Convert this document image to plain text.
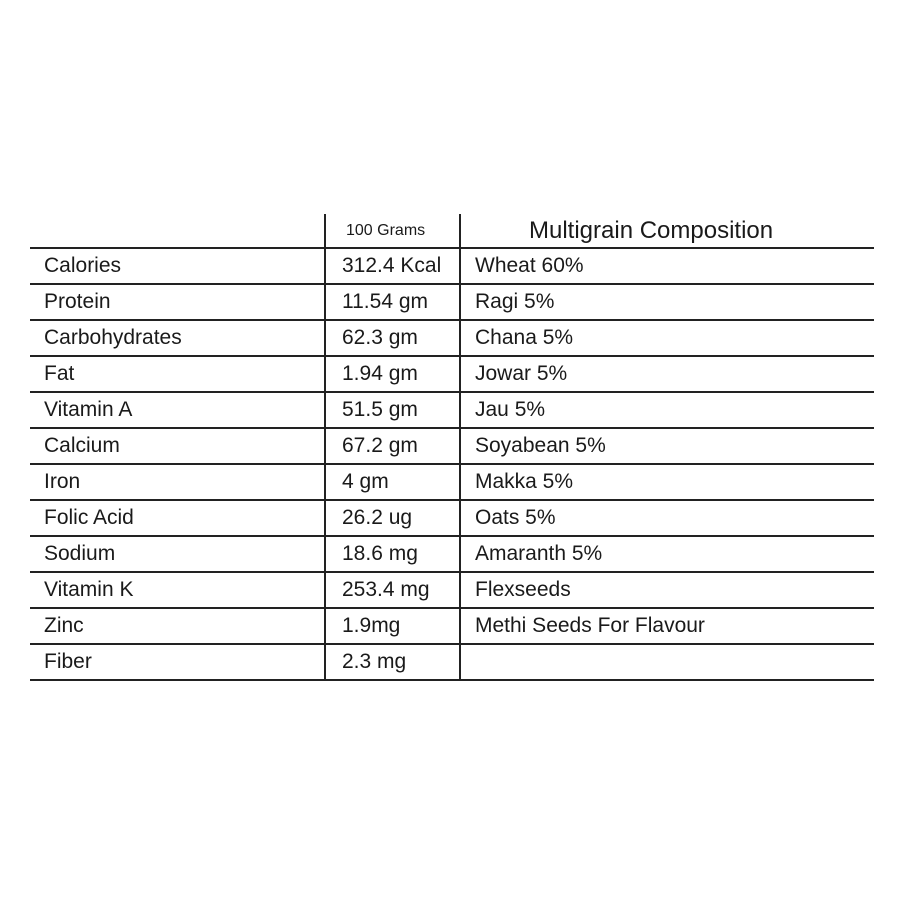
	100 Grams	Multigrain Composition
Calories	312.4 Kcal	Wheat 60%
Protein	11.54 gm	Ragi 5%
Carbohydrates	62.3 gm	Chana 5%
Fat	1.94 gm	Jowar 5%
Vitamin A	51.5 gm	Jau 5%
Calcium	67.2 gm	Soyabean 5%
Iron	4 gm	Makka 5%
Folic Acid	26.2 ug	Oats 5%
Sodium	18.6 mg	Amaranth 5%
Vitamin K	253.4 mg	Flexseeds
Zinc	1.9mg	Methi Seeds For Flavour
Fiber	2.3 mg	
